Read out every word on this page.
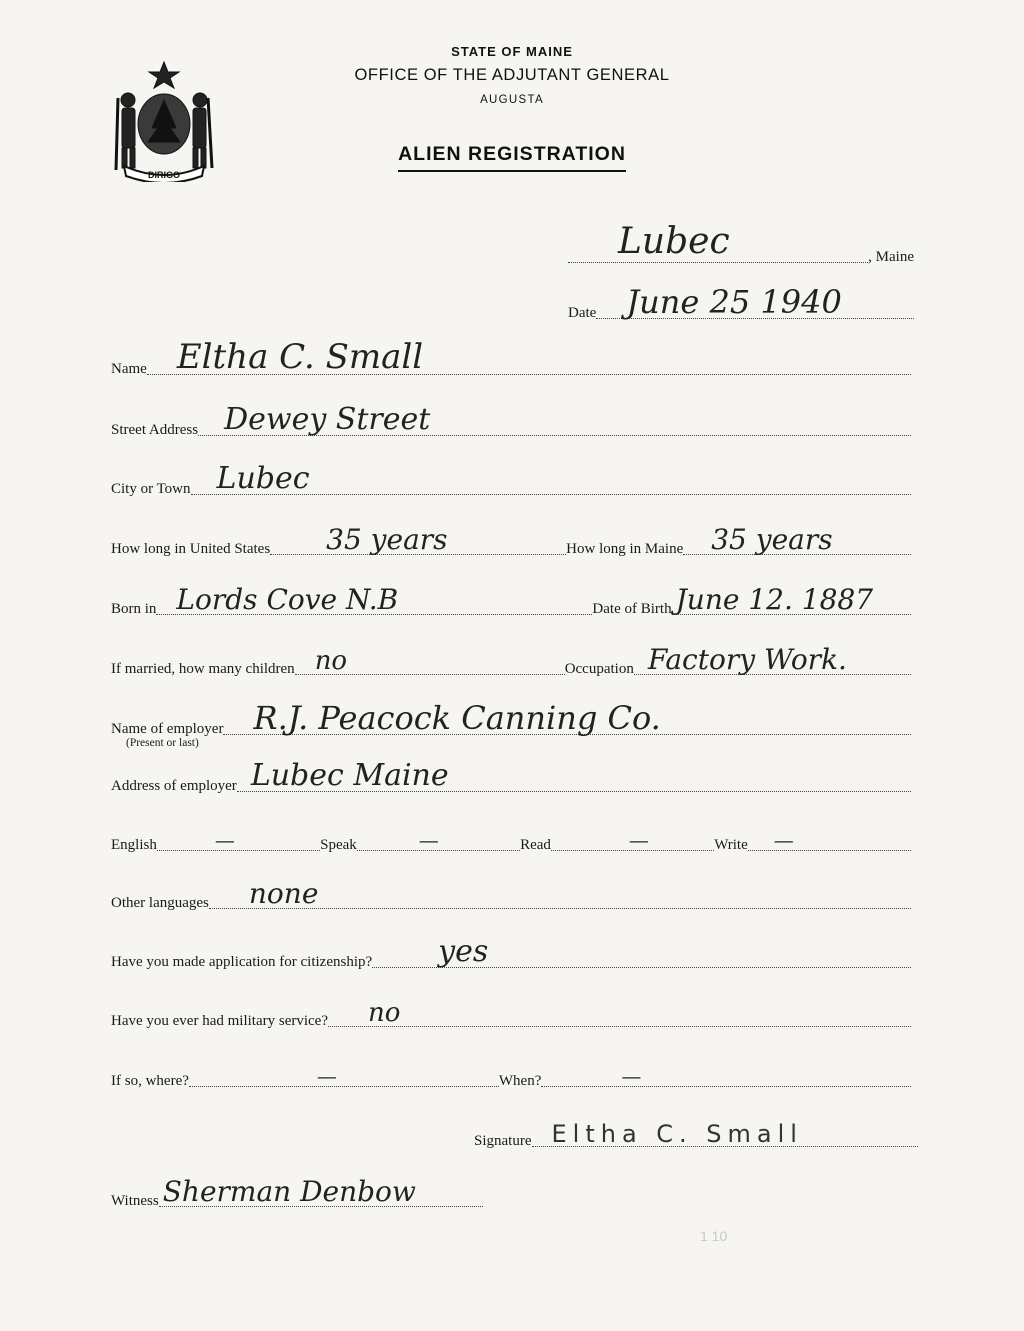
DIRIGO
STATE OF MAINE
OFFICE OF THE ADJUTANT GENERAL
AUGUSTA
ALIEN REGISTRATION
Lubec	, Maine
Date June 25 1940
Name Eltha C. Small
Street Address Dewey Street
City or Town Lubec
How long in United States 35 years	How long in Maine 35 years
Born in Lords Cove N.B	Date of Birth June 12. 1887
If married, how many children no	Occupation Factory Work.
Name of employer R.J. Peacock Canning Co.
(Present or last)
Address of employer Lubec Maine
English	—	Speak	—	Read	—	Write —
Other languages none
Have you made application for citizenship? yes
Have you ever had military service? no
If so, where?	—	When?	—
Signature Eltha C. Small
Witness Sherman Denbow
1 10
